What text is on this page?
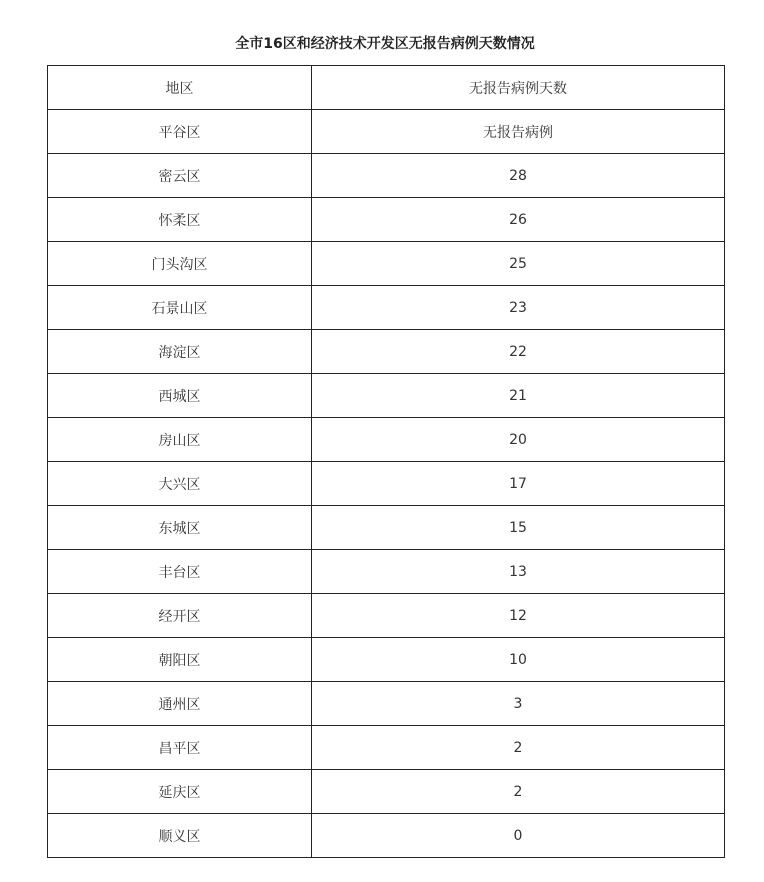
全市16区和经济技术开发区无报告病例天数情况
地区	无报告病例天数
平谷区	无报告病例
密云区	28
怀柔区	26
门头沟区	25
石景山区	23
海淀区	22
西城区	21
房山区	20
大兴区	17
东城区	15
丰台区	13
经开区	12
朝阳区	10
通州区	3
昌平区	2
延庆区	2
顺义区	0
